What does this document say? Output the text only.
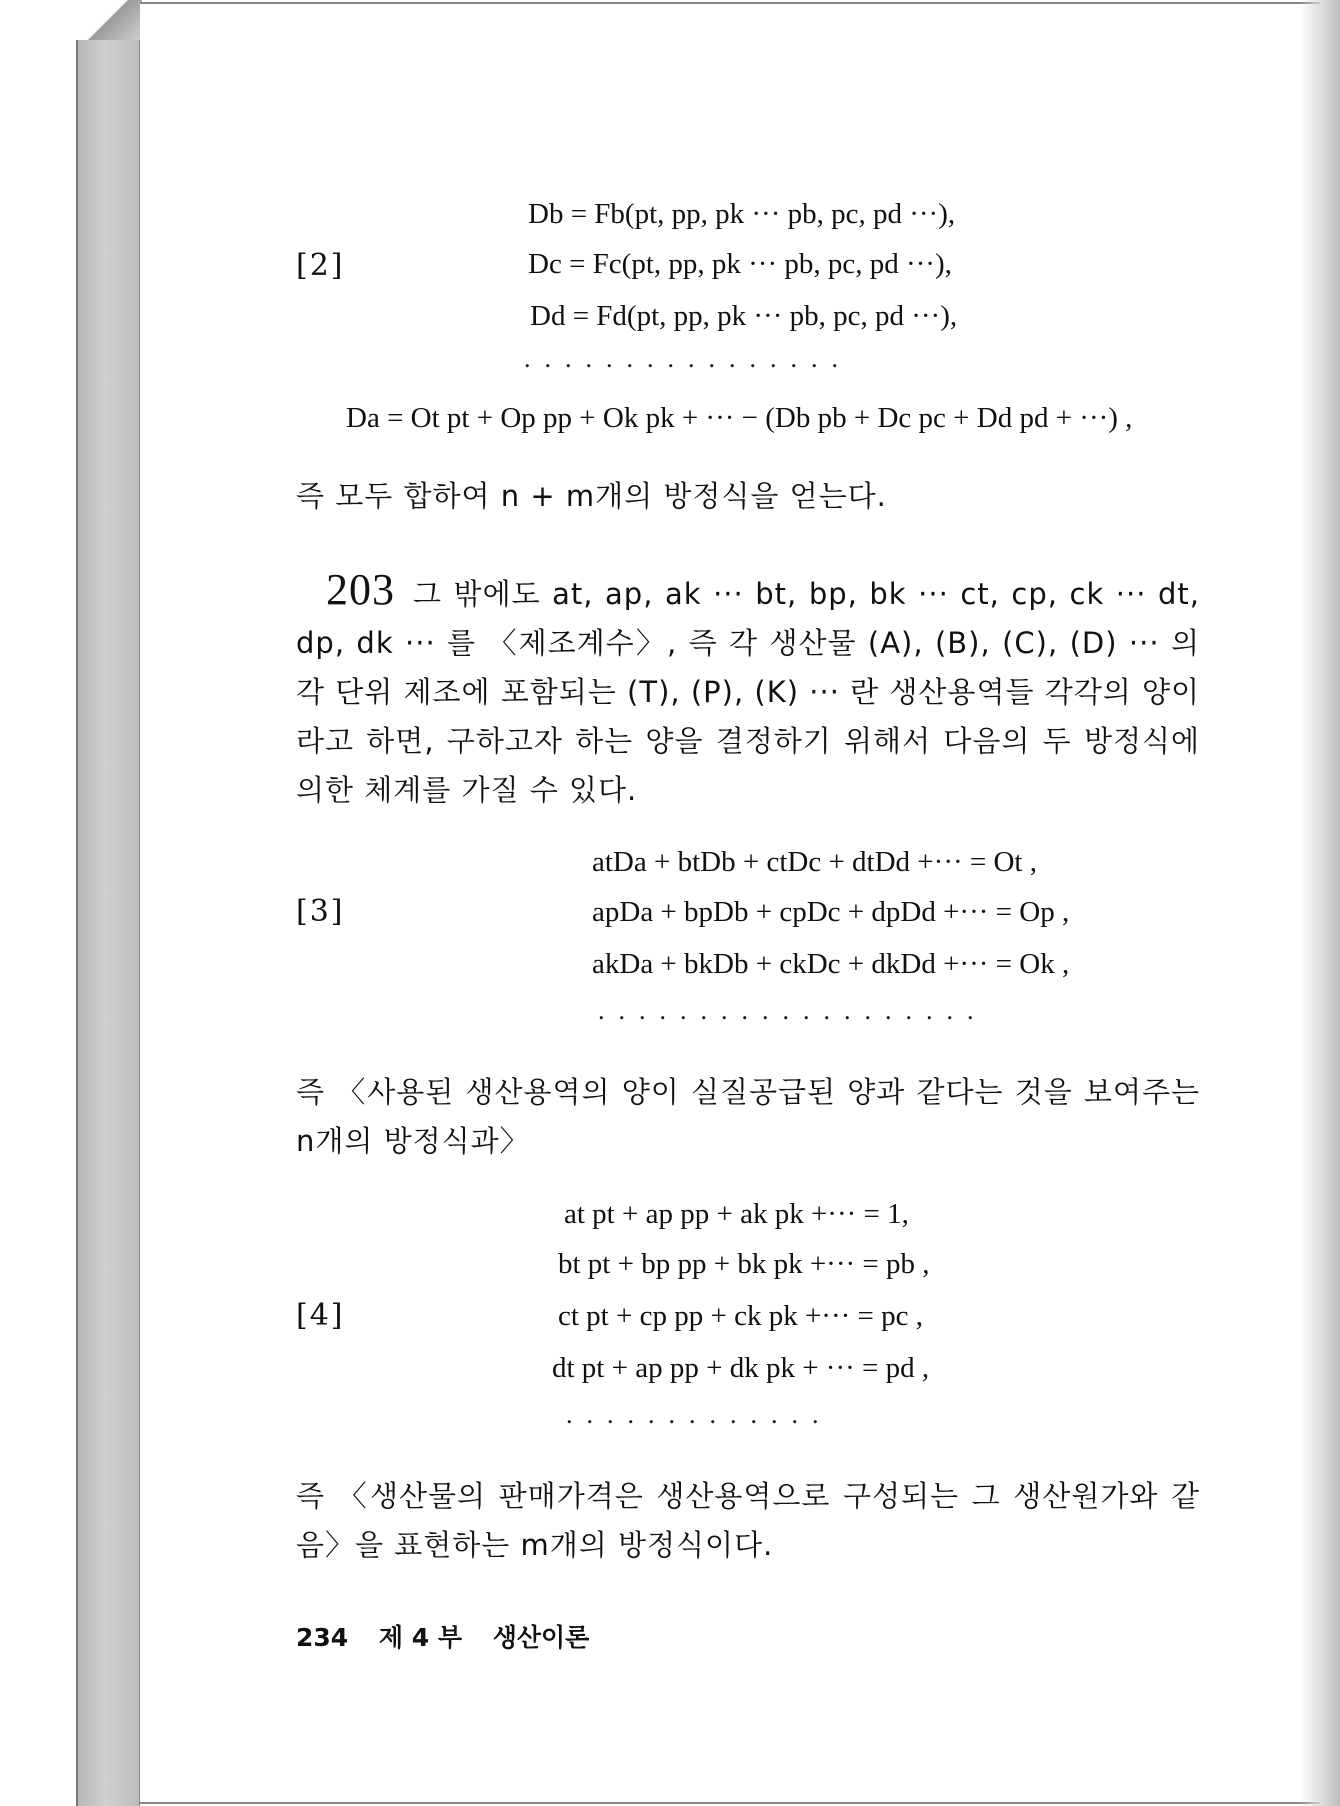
[2]
Db = Fb(pt, pp, pk ··· pb, pc, pd ···),
Dc = Fc(pt, pp, pk ··· pb, pc, pd ···),
Dd = Fd(pt, pp, pk ··· pb, pc, pd ···),
................
Da = Ot pt + Op pp + Ok pk + ··· − (Db pb + Dc pc + Dd pd + ···) ,
즉 모두 합하여 n + m개의 방정식을 얻는다.
203 그 밖에도 at, ap, ak ··· bt, bp, bk ··· ct, cp, ck ··· dt, dp, dk ··· 를 〈제조계수〉, 즉 각 생산물 (A), (B), (C), (D) ··· 의 각 단위 제조에 포함되는 (T), (P), (K) ··· 란 생산용역들 각각의 양이라고 하면, 구하고자 하는 양을 결정하기 위해서 다음의 두 방정식에 의한 체계를 가질 수 있다.
[3]
atDa + btDb + ctDc + dtDd +··· = Ot ,
apDa + bpDb + cpDc + dpDd +··· = Op ,
akDa + bkDb + ckDc + dkDd +··· = Ok ,
...................
즉 〈사용된 생산용역의 양이 실질공급된 양과 같다는 것을 보여주는 n개의 방정식과〉
[4]
at pt + ap pp + ak pk +··· = 1,
bt pt + bp pp + bk pk +··· = pb ,
ct pt + cp pp + ck pk +··· = pc ,
dt pt + ap pp + dk pk + ··· = pd ,
.............
즉 〈생산물의 판매가격은 생산용역으로 구성되는 그 생산원가와 같음〉을 표현하는 m개의 방정식이다.
234 제 4 부 생산이론
